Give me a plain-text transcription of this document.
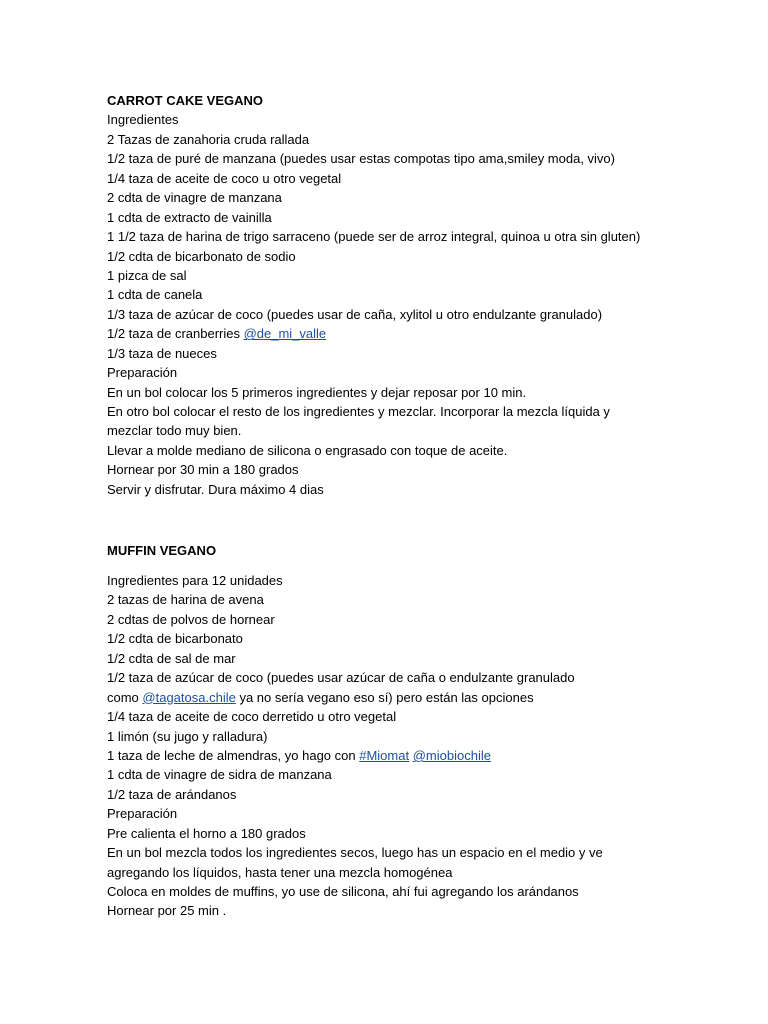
CARROT CAKE VEGANO
Ingredientes
2 Tazas de zanahoria cruda rallada
1/2 taza de puré de manzana (puedes usar estas compotas tipo ama,smiley moda, vivo)
1/4 taza de aceite de coco u otro vegetal
2 cdta de vinagre de manzana
1 cdta de extracto de vainilla
1 1/2 taza de harina de trigo sarraceno (puede ser de arroz integral, quinoa u otra sin gluten)
1/2 cdta de bicarbonato de sodio
1 pizca de sal
1 cdta de canela
1/3 taza de azúcar de coco (puedes usar de caña, xylitol u otro endulzante granulado)
1/2 taza de cranberries @de_mi_valle
1/3 taza de nueces
Preparación
En un bol colocar los 5 primeros ingredientes y dejar reposar por 10 min.
En otro bol colocar el resto de los ingredientes y mezclar. Incorporar la mezcla líquida y
mezclar todo muy bien.
Llevar a molde mediano de silicona o engrasado con toque de aceite.
Hornear por 30 min a 180 grados
Servir y disfrutar. Dura máximo 4 dias
MUFFIN VEGANO
Ingredientes para 12 unidades
2 tazas de harina de avena
2 cdtas de polvos de hornear
1/2 cdta de bicarbonato
1/2 cdta de sal de mar
1/2 taza de azúcar de coco (puedes usar azúcar de caña o endulzante granulado
como @tagatosa.chile ya no sería vegano eso sí) pero están las opciones
1/4 taza de aceite de coco derretido u otro vegetal
1 limón (su jugo y ralladura)
1 taza de leche de almendras, yo hago con #Miomat @miobiochile
1 cdta de vinagre de sidra de manzana
1/2 taza de arándanos
Preparación
Pre calienta el horno a 180 grados
En un bol mezcla todos los ingredientes secos, luego has un espacio en el medio y ve
agregando los líquidos, hasta tener una mezcla homogénea
Coloca en moldes de muffins, yo use de silicona, ahí fui agregando los arándanos
Hornear por 25 min .
